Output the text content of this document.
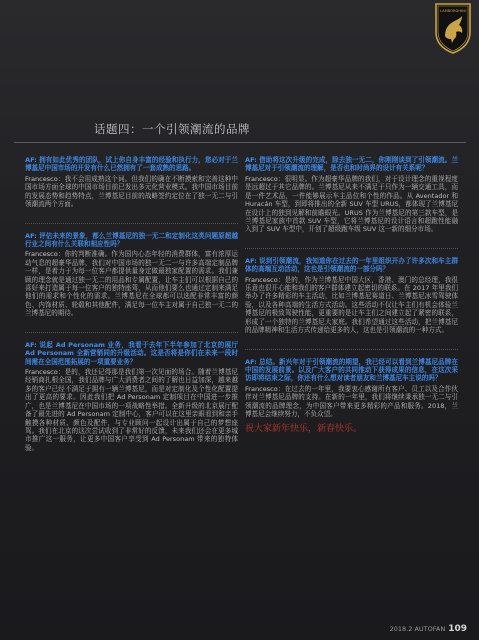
LAMBORGHINI
话题四：一个引领潮流的品牌
AF: 拥有如此优秀的团队，试上你自身丰富的经验和执行力，您必对于兰博基尼中国市场的开发有什么已然拥有了一套成熟的思路。
Francesco：我不会用成熟这个词。但我们的确在不断摸索和完善这种中国市场方面全球的中国市场目前已发出多元化营业模式。我中国市场目前的发展态势和趋势特点，兰博基尼目前的战略签约定位在了独一无二与引领潮流两个方面。
AF: 评估未来的景象，都么兰博基尼的独一无二和定制化这类问题原超越行业之间有什么关联和相应性吗？
Francesco：你的判断准确。作为国内心态年轻的消费群体，富有浓厚运动气息的超豪华品牌，我们对中国市场的独一无二一与许多高端定制品牌一样，是着力于为每一位客户都提供量身定做最独家配置的需求。我们兼顾的理念就是通过独一无二的用品和专属配置，让车主们可以根据自己的喜好来打造属于每一位客户的独特座驾，从而他们要么也通过定制来满足他们的需求和个性化的需求。兰博基尼在全球都可以选配非常丰富的颜色、内饰材质、轮毂和其他配件，满足每一位车主对属于自己独一无二的兰博基尼的期待。
AF: 说起 Ad Personam 业务，我看于去年下半年参加了北京的展厅 Ad Personam 全新营销同的升级活动。这是否将是你们在未来一段时间需在全国范围拓展的一项重要业务？
Francesco：是的，我还记得那是我们第一次见面的场合。随着兰博基尼经销商扎根全国，我们品牌与广大消费者之间的了解也日益加深，越来越多的客户已经不满足于拥有一辆兰博基尼，而是对定制化及个性化配置提出了更高的要求。因此我们把 Ad Personam 定制项目在中国进一步推广，也是兰博基尼在中国市场的一项战略性举措。全新升级的北京展厅配备了最先进的 Ad Personam 定制中心，客户可以在这里亲眼看到和亲手触摸各种材质、颜色及配件，与专业顾问一起设计出属于自己的梦想座驾。我们在北京的这次尝试收到了非常好的反馈，未来我们还会在更多城市推广这一服务，让更多中国客户享受到 Ad Personam 带来的独特体验。
AF: 借助将这次升级的完成，除去独一无二，你刚刚谈到了引领潮流。兰博基尼对于引领潮流的理解，是否也和时尚界的设计有关系呢？
Francesco：很明显。作为超豪华品牌的我们，对于设计理念的重视程度是远超过于其它品牌的。兰博基尼从来不满足于只作为一辆交通工具，而是一件艺术品，一件能够展示车主品位和个性的作品。从 Aventador 和 Huracán 车型，到即将推出的全新 SUV 车型 URUS，都体现了兰博基尼在设计上的独到见解和前瞻眼光。URUS 作为兰博基尼的第三款车型，是兰博基尼家族中首款 SUV 车型，它将兰博基尼的设计语言和超跑性能融入到了 SUV 车型中，开创了超级跑车级 SUV 这一新的细分市场。
AF: 说到引领潮流，我知道你在过去的一年里组织开办了许多次和车主群体的高端互动活动，这也是引领潮流的一部分吗？
Francesco：是的，作为兰博基尼中国大区，香港、澳门的总经理，我很乐意也很开心能和我们的客户群体建立起密切的联系。在 2017 年里我们举办了许多精彩的车主活动，比如兰博基尼赛道日、兰博基尼冰雪驾驶体验，以及各种高端的生活方式活动。这些活动不仅让车主们有机会体验兰博基尼的极致驾驶性能，更重要的是让车主们之间建立起了紧密的联系，形成了一个独特的兰博基尼大家庭。我们希望通过这些活动，把兰博基尼的品牌精神和生活方式传递给更多的人，这也是引领潮流的一种方式。
AF: 总结。新兴年对于引领潮流的期望，我已经可以看到兰博基尼品牌在中国的发展前景。以及广大客户的共同推动下获得成果的信息，在这次采访即将结束之际，你还有什么想对读者朋友和兰博基尼车主说的吗？
Francesco：在过去的一年里，我要衷心感谢所有客户、员工以及合作伙伴对兰博基尼品牌的支持。在新的一年里，我们将继续秉承独一无二与引领潮流的品牌理念，为中国客户带来更多精彩的产品和服务。2018，兰博基尼会继续努力，不负众望。
祝大家新年快乐，新春快乐。
2018.2 AUTOFAN 109
